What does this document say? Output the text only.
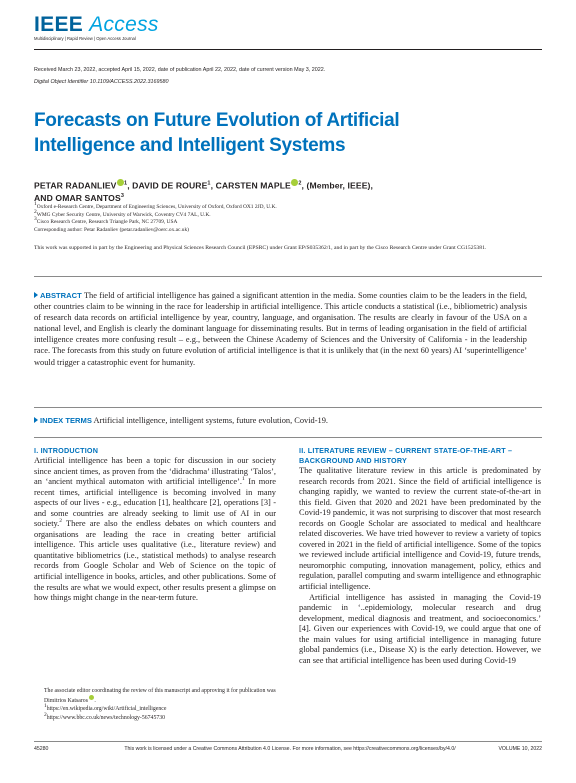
IEEE Access
Multidisciplinary | Rapid Review | Open Access Journal
Received March 23, 2022, accepted April 15, 2022, date of publication April 22, 2022, date of current version May 3, 2022.
Digital Object Identifier 10.1109/ACCESS.2022.3169580
Forecasts on Future Evolution of Artificial Intelligence and Intelligent Systems
PETAR RADANLIEV $^1$, DAVID DE ROURE$^1$, CARSTEN MAPLE $^2$, (Member, IEEE),
AND OMAR SANTOS$^3$
$^1$Oxford e-Research Centre, Department of Engineering Sciences, University of Oxford, Oxford OX1 2JD, U.K.
$^2$WMG Cyber Security Centre, University of Warwick, Coventry CV4 7AL, U.K.
$^3$Cisco Research Centre, Research Triangle Park, NC 27709, USA
Corresponding author: Petar Radanliev (petar.radanliev@oerc.ox.ac.uk)
This work was supported in part by the Engineering and Physical Sciences Research Council (EPSRC) under Grant EP/S035362/1, and in part by the Cisco Research Centre under Grant CG1525381.
ABSTRACT The field of artificial intelligence has gained a significant attention in the media. Some counties claim to be the leaders in the field, other countries claim to be winning in the race for leadership in artificial intelligence. This article conducts a statistical (i.e., bibliometric) analysis of research data records on artificial intelligence by year, country, language, and organisation. The results are clearly in favour of the USA on a national level, and English is clearly the dominant language for disseminating results. But in terms of leading organisation in the field of artificial intelligence creates more confusing result – e.g., between the Chinese Academy of Sciences and the University of California - in the leadership race. The forecasts from this study on future evolution of artificial intelligence is that it is unlikely that (in the next 60 years) AI ‘superintelligence’ would trigger a catastrophic event for humanity.
INDEX TERMS Artificial intelligence, intelligent systems, future evolution, Covid-19.
I. INTRODUCTION

Artificial intelligence has been a topic for discussion in our society since ancient times, as proven from the ‘didrachma’ illustrating ‘Talos’, an ‘ancient mythical automaton with artificial intelligence’.$^1$ In more recent times, artificial intelligence is becoming involved in many aspects of our lives - e.g., education [1], healthcare [2], operations [3] - and some countries are already seeking to limit use of AI in our society.$^2$ There are also the endless debates on which counters and organisations are leading the race in creating better artificial intelligence. This article uses qualitative (i.e., literature review) and quantitative bibliometrics (i.e., statistical methods) to analyse research records from Google Scholar and Web of Science on the topic of artificial intelligence in books, articles, and other publications. Some of the results are what we would expect, other results present a glimpse on how things might change in the near-term future.

The associate editor coordinating the review of this manuscript and approving it for publication was Dimitrios Katsaros .
$^1$https://en.wikipedia.org/wiki/Artificial_intelligence
$^2$https://www.bbc.co.uk/news/technology-56745730
II. LITERATURE REVIEW – CURRENT STATE-OF-THE-ART – BACKGROUND AND HISTORY

The qualitative literature review in this article is predominated by research records from 2021. Since the field of artificial intelligence is changing rapidly, we wanted to review the current state-of-the-art in this field. Given that 2020 and 2021 have been predominated by the Covid-19 pandemic, it was not surprising to discover that most research records on Google Scholar are associated to medical and healthcare related discoveries. We have tried however to review a variety of topics covered in 2021 in the field of artificial intelligence. Some of the topics we reviewed include artificial intelligence and Covid-19, future trends, neuromorphic computing, innovation management, policy, ethics and regulation, parallel computing and swarm intelligence and ethnographic artificial intelligence.

Artificial intelligence has assisted in managing the Covid-19 pandemic in ‘..epidemiology, molecular research and drug development, medical diagnosis and treatment, and socioeconomics.’ [4]. Given our experiences with Covid-19, we could argue that one of the main values for using artificial intelligence in managing future global pandemics (i.e., Disease X) is the early detection. However, we can see that artificial intelligence has been used during Covid-19

45280	This work is licensed under a Creative Commons Attribution 4.0 License. For more information, see https://creativecommons.org/licenses/by/4.0/	VOLUME 10, 2022
